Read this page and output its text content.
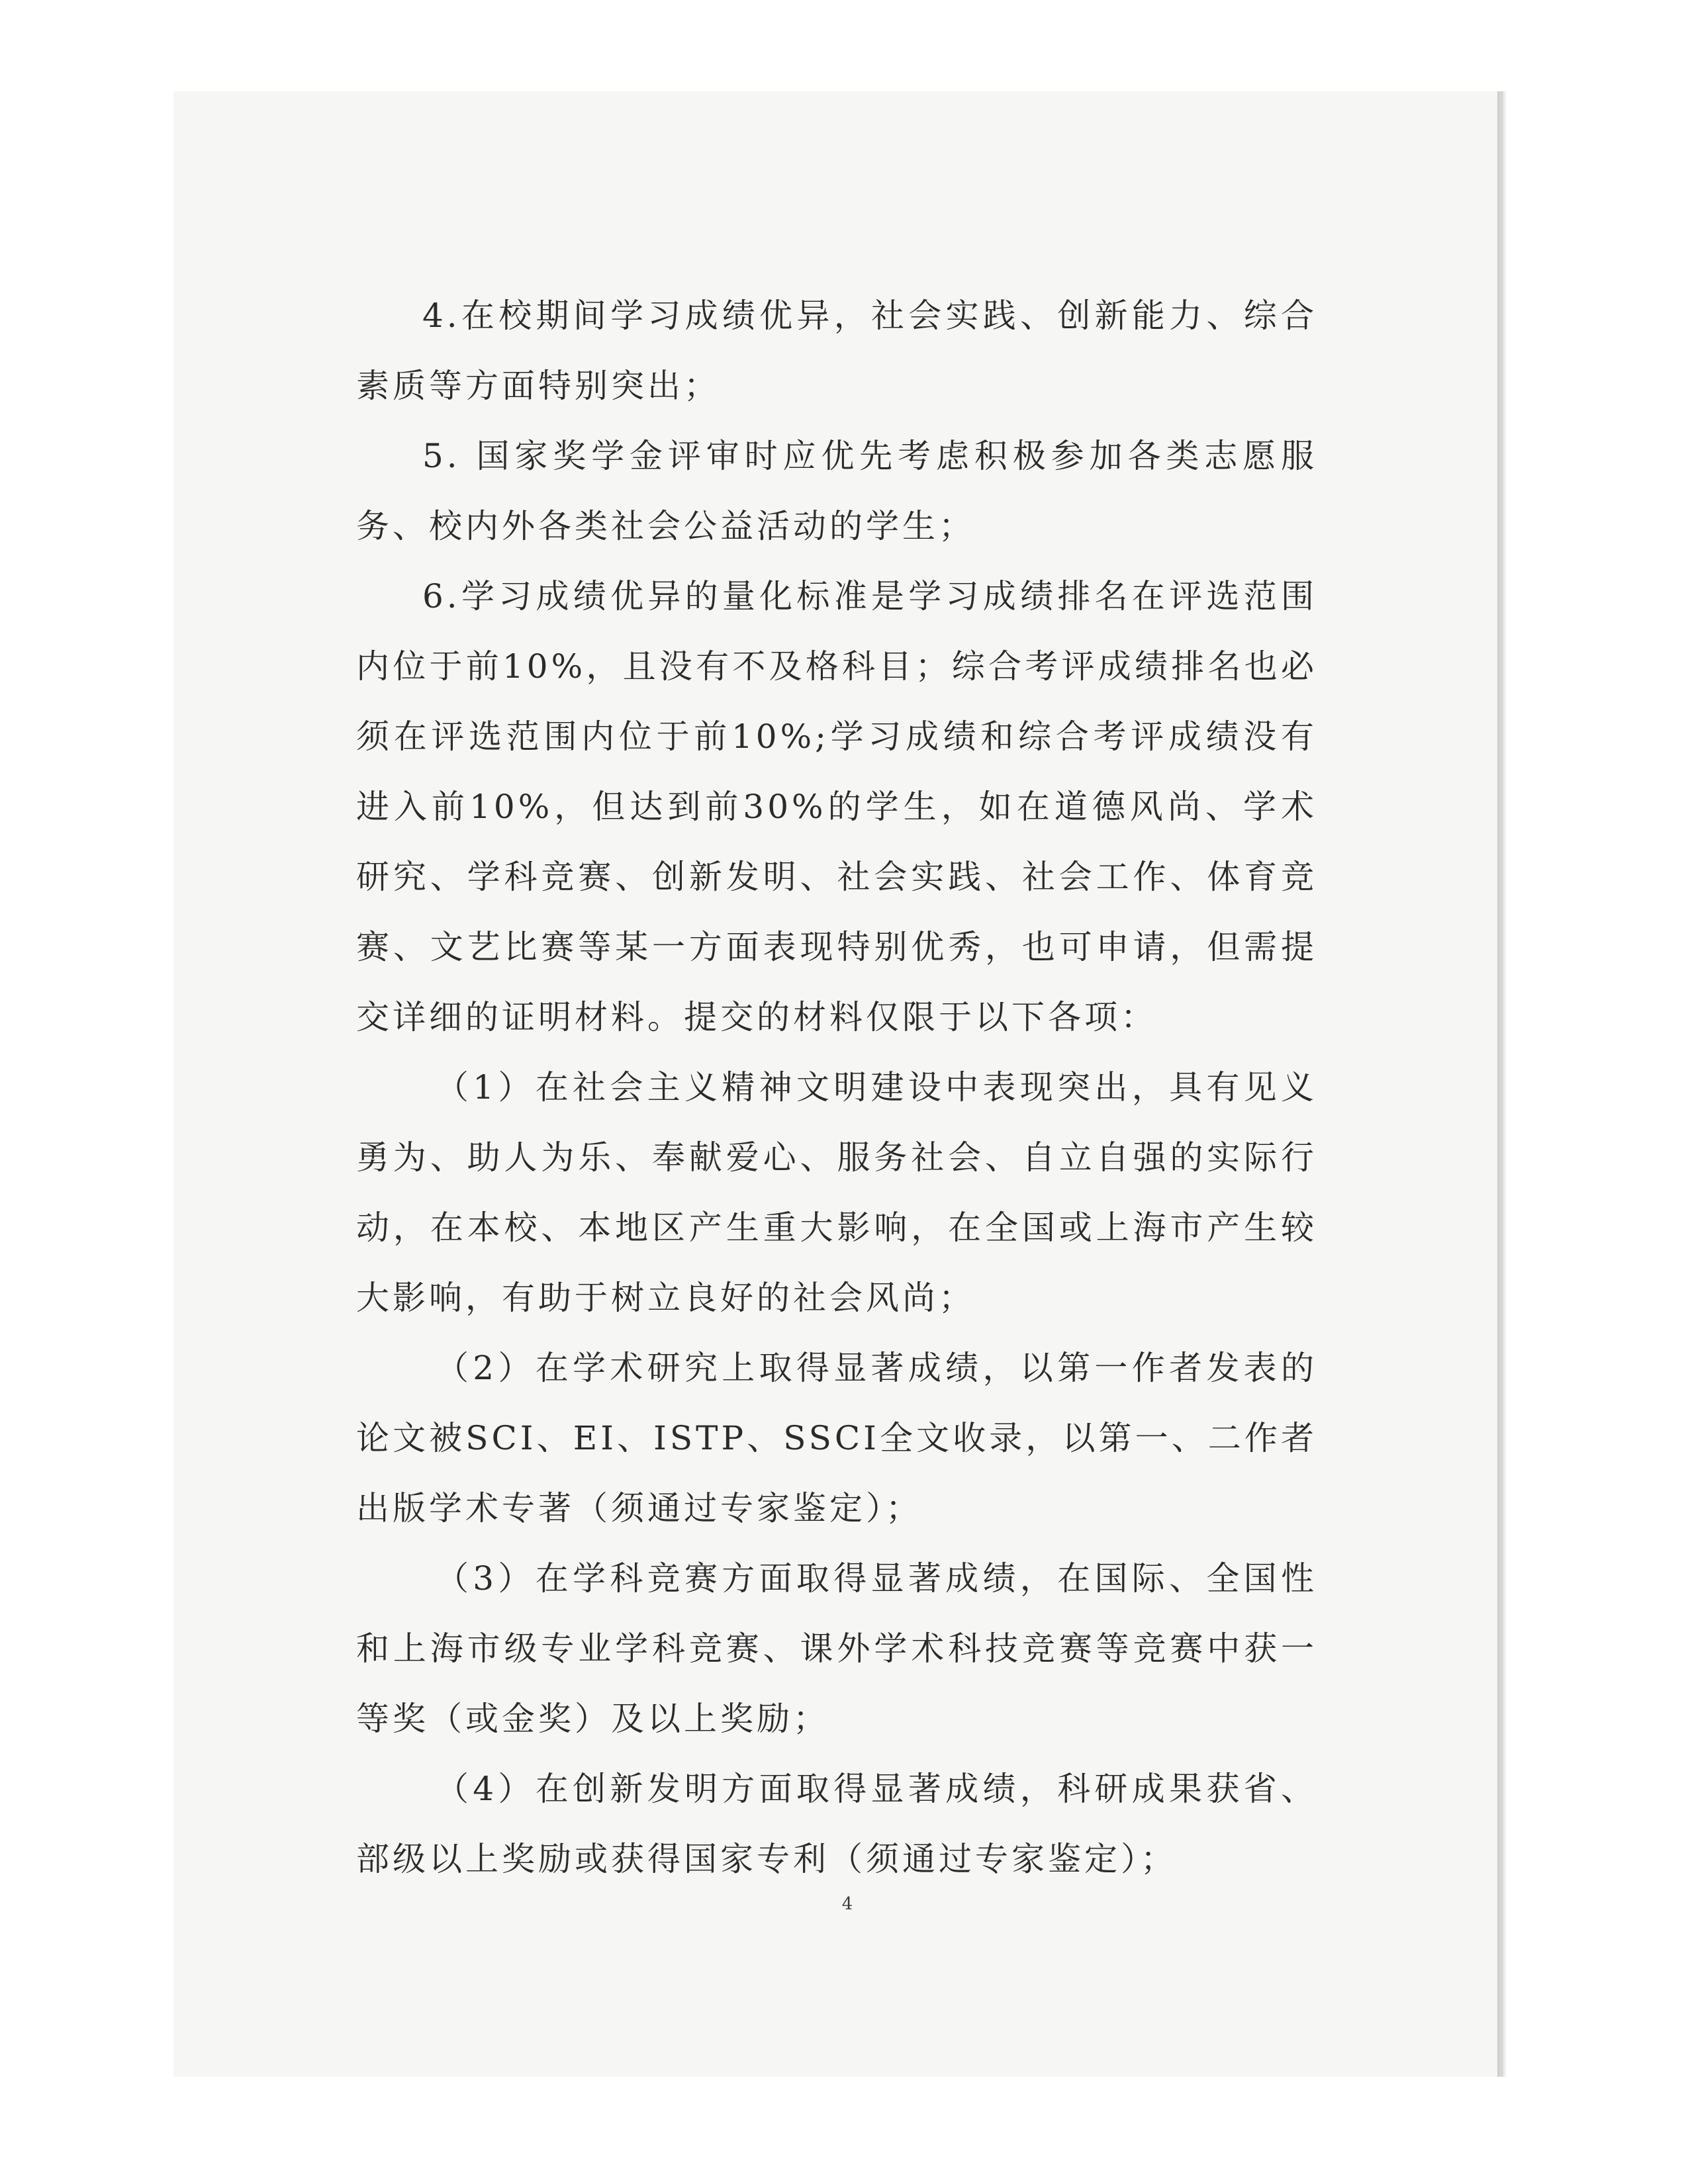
4.在校期间学习成绩优异，社会实践、创新能力、综合素质等方面特别突出；

5. 国家奖学金评审时应优先考虑积极参加各类志愿服务、校内外各类社会公益活动的学生；

6.学习成绩优异的量化标准是学习成绩排名在评选范围内位于前10%，且没有不及格科目；综合考评成绩排名也必须在评选范围内位于前10%;学习成绩和综合考评成绩没有进入前10%，但达到前30%的学生，如在道德风尚、学术研究、学科竞赛、创新发明、社会实践、社会工作、体育竞赛、文艺比赛等某一方面表现特别优秀，也可申请，但需提交详细的证明材料。提交的材料仅限于以下各项：

（1）在社会主义精神文明建设中表现突出，具有见义勇为、助人为乐、奉献爱心、服务社会、自立自强的实际行动，在本校、本地区产生重大影响，在全国或上海市产生较大影响，有助于树立良好的社会风尚；

（2）在学术研究上取得显著成绩，以第一作者发表的论文被SCI、EI、ISTP、SSCI全文收录，以第一、二作者出版学术专著（须通过专家鉴定）；

（3）在学科竞赛方面取得显著成绩，在国际、全国性和上海市级专业学科竞赛、课外学术科技竞赛等竞赛中获一等奖（或金奖）及以上奖励；

（4）在创新发明方面取得显著成绩，科研成果获省、部级以上奖励或获得国家专利（须通过专家鉴定）；

4
